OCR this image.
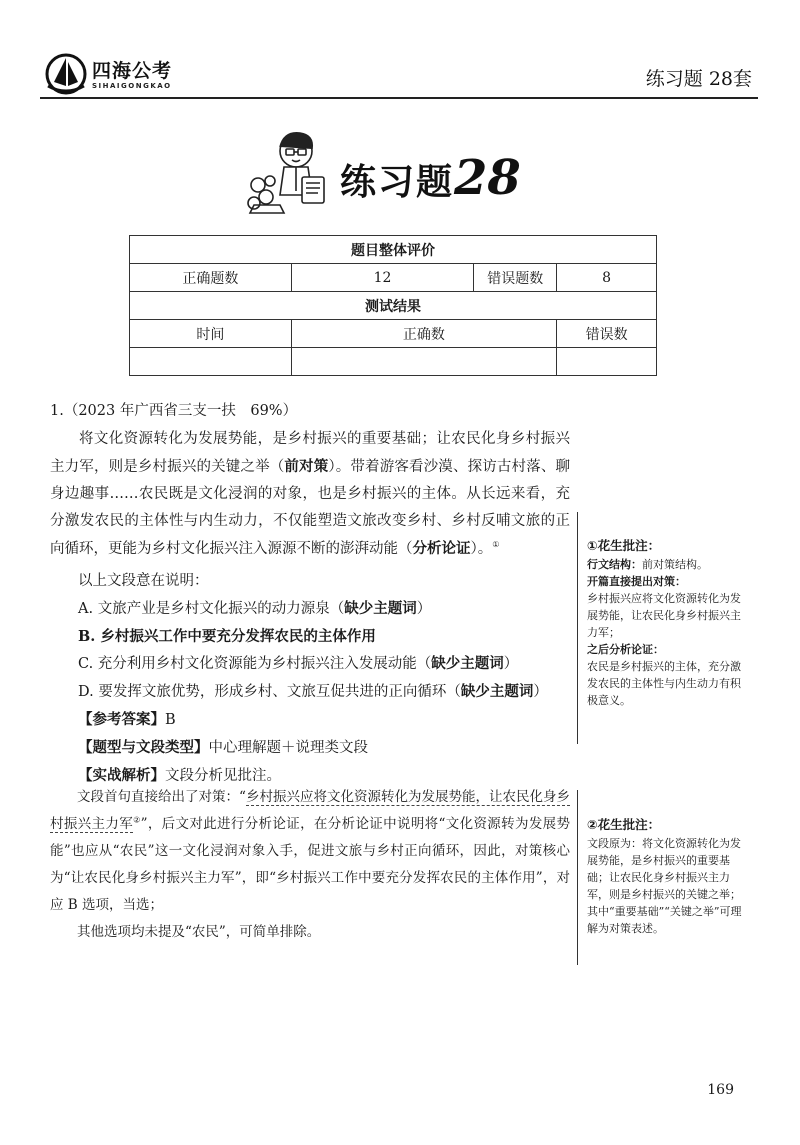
四海公考
SIHAIGONGKAO	练习题 28套
练习题28
题目整体评价			
正确题数	12	错误题数	8
测试结果			
时间	正确数		错误数

1.（2023 年广西省三支一扶　69%）

将文化资源转化为发展势能，是乡村振兴的重要基础；让农民化身乡村振兴主力军，则是乡村振兴的关键之举（前对策）。带着游客看沙漠、探访古村落、聊身边趣事……农民既是文化浸润的对象，也是乡村振兴的主体。从长远来看，充分激发农民的主体性与内生动力，不仅能塑造文旅改变乡村、乡村反哺文旅的正向循环，更能为乡村文化振兴注入源源不断的澎湃动能（分析论证）。①

以上文段意在说明：
A. 文旅产业是乡村文化振兴的动力源泉（缺少主题词）
B. 乡村振兴工作中要充分发挥农民的主体作用
C. 充分利用乡村文化资源能为乡村振兴注入发展动能（缺少主题词）
D. 要发挥文旅优势，形成乡村、文旅互促共进的正向循环（缺少主题词）
【参考答案】B
【题型与文段类型】中心理解题＋说理类文段
【实战解析】文段分析见批注。

文段首句直接给出了对策：“乡村振兴应将文化资源转化为发展势能，让农民化身乡村振兴主力军②”，后文对此进行分析论证，在分析论证中说明将“文化资源转为发展势能”也应从“农民”这一文化浸润对象入手，促进文旅与乡村正向循环，因此，对策核心为“让农民化身乡村振兴主力军”，即“乡村振兴工作中要充分发挥农民的主体作用”，对应 B 选项，当选；

其他选项均未提及“农民”，可简单排除。

①花生批注：
行文结构：前对策结构。
开篇直接提出对策：
乡村振兴应将文化资源转化为发展势能，让农民化身乡村振兴主力军；
之后分析论证：
农民是乡村振兴的主体，充分激发农民的主体性与内生动力有积极意义。
②花生批注：
文段原为：将文化资源转化为发展势能，是乡村振兴的重要基础；让农民化身乡村振兴主力军，则是乡村振兴的关键之举；其中“重要基础”“关键之举”可理解为对策表述。
169
